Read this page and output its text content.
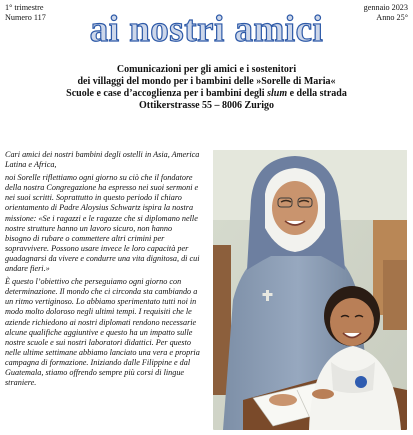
1° trimestre
Numero 117
gennaio 2023
Anno 25°
ai nostri amici
Comunicazioni per gli amici e i sostenitori
dei villaggi del mondo per i bambini delle »Sorelle di Maria«
Scuole e case d’accoglienza per i bambini degli slum e della strada
Ottikerstrasse 55 – 8006 Zurigo

Cari amici dei nostri bambini degli ostelli in Asia, America Latina e Africa,

noi Sorelle riflettiamo ogni giorno su ciò che il fondatore della nostra Congregazione ha espresso nei suoi sermoni e nei suoi scritti. Soprattutto in questo periodo il chiaro orientamento di Padre Aloysius Schwartz ispira la nostra missione: «Se i ragazzi e le ragazze che si diplomano nelle nostre strutture hanno un lavoro sicuro, non hanno bisogno di rubare o commettere altri crimini per sopravvivere. Possono usare invece le loro capacità per guadagnarsi da vivere e condurre una vita dignitosa, di cui andare fieri.»

È questo l’obiettivo che perseguiamo ogni giorno con determinazione. Il mondo che ci circonda sta cambiando a un ritmo vertiginoso. Lo abbiamo sperimentato tutti noi in modo molto doloroso negli ultimi tempi. I requisiti che le aziende richiedono ai nostri diplomati rendono necessarie alcune qualifiche aggiuntive e questo ha un impatto sulle nostre scuole e sui nostri laboratori didattici. Per questo nelle ultime settimane abbiamo lanciato una vera e propria campagna di formazione. Iniziando dalle Filippine e dal Guatemala, stiamo offrendo sempre più corsi di lingue straniere.
